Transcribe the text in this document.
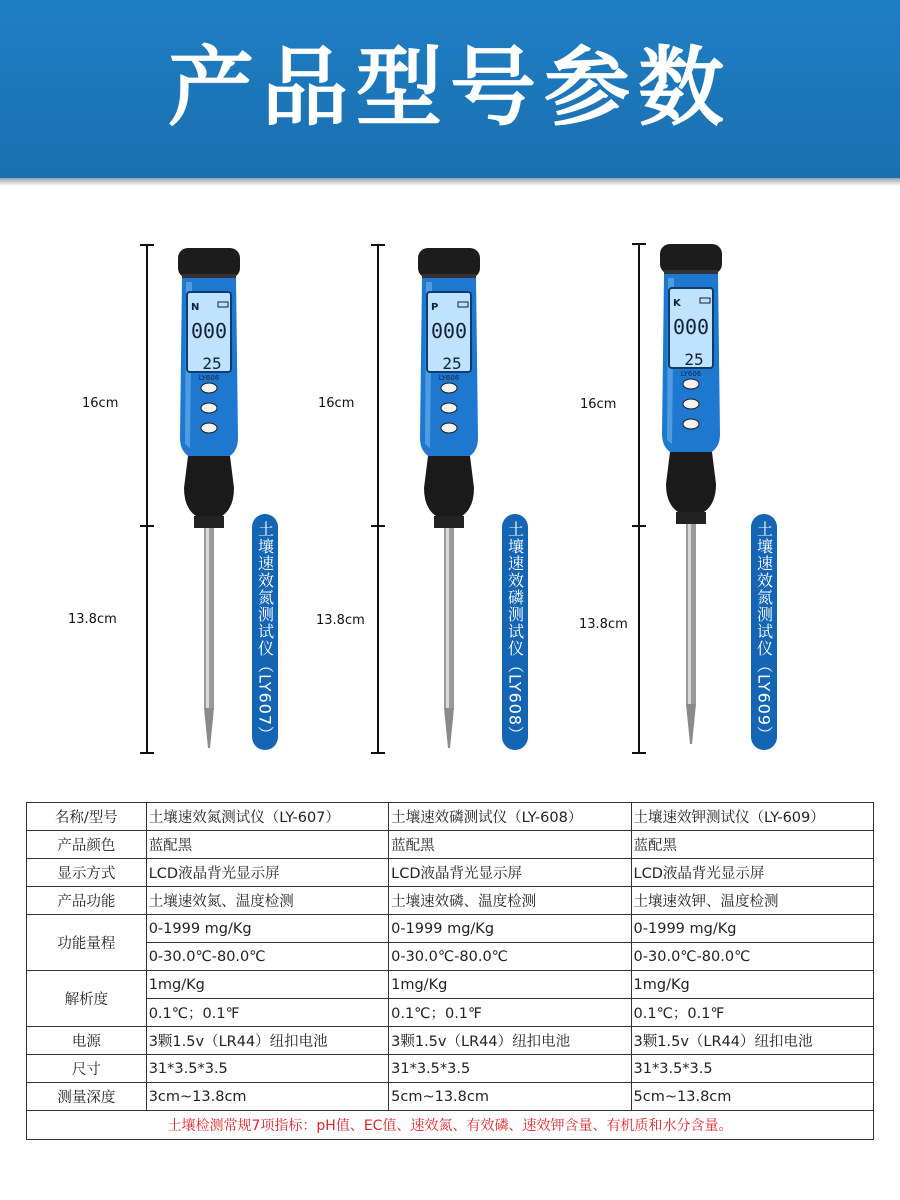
产品型号参数
16cm
13.8cm
16cm
13.8cm
16cm
13.8cm
N
000
25
LY606
P
000
25
LY606
K
000
25
LY606
土壤速效氮测试仪（LY607）	土壤速效磷测试仪（LY608）	土壤速效氮测试仪（LY609）
名称/型号	土壤速效氮测试仪（LY-607）	土壤速效磷测试仪（LY-608）	土壤速效钾测试仪（LY-609）
产品颜色	蓝配黑	蓝配黑	蓝配黑
显示方式	LCD液晶背光显示屏	LCD液晶背光显示屏	LCD液晶背光显示屏
产品功能	土壤速效氮、温度检测	土壤速效磷、温度检测	土壤速效钾、温度检测
功能量程	0-1999 mg/Kg	0-1999 mg/Kg	0-1999 mg/Kg
	0-30.0℃-80.0℃	0-30.0℃-80.0℃	0-30.0℃-80.0℃
解析度	1mg/Kg	1mg/Kg	1mg/Kg
	0.1℃；0.1℉	0.1℃；0.1℉	0.1℃；0.1℉
电源	3颗1.5v（LR44）纽扣电池	3颗1.5v（LR44）纽扣电池	3颗1.5v（LR44）纽扣电池
尺寸	31*3.5*3.5	31*3.5*3.5	31*3.5*3.5
测量深度	3cm~13.8cm	5cm~13.8cm	5cm~13.8cm
土壤检测常规7项指标：pH值、EC值、速效氮、有效磷、速效钾含量、有机质和水分含量。			
